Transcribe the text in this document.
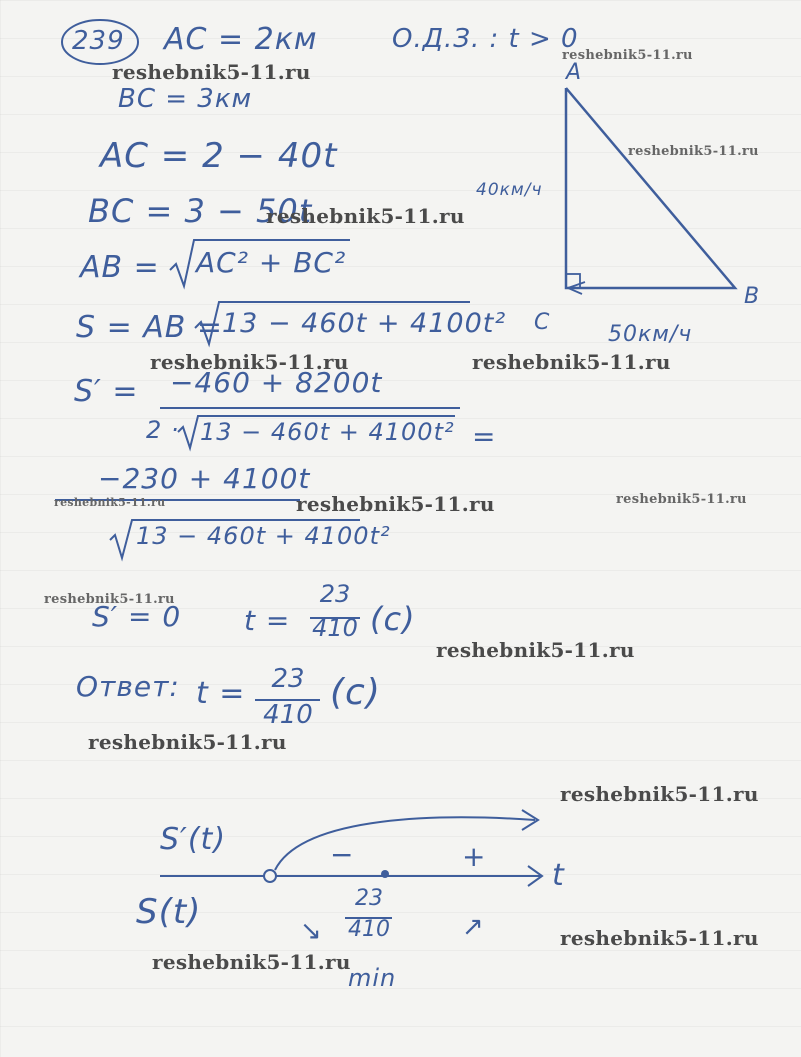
239 AC = 2км	О.Д.З. : t > 0
BC = 3км
AC = 2 − 40t
BC = 3 − 50t
AB = AC² + BC²
S = AB =
13 − 460t + 4100t²
S′ = −460 + 8200t
2 · 13 − 460t + 4100t² =
−230 + 4100t
13 − 460t + 4100t²
S′ = 0 t =
23
410 (с)
Ответ: t =	23
410
(с)
A
B
C
40км/ч
50км/ч
S′(t)
S(t)
t
−	+
23
410
min
↘	↗
reshebnik5-11.ru
reshebnik5-11.ru
reshebnik5-11.ru
reshebnik5-11.ru
reshebnik5-11.ru	reshebnik5-11.ru
reshebnik5-11.ru	reshebnik5-11.ru	reshebnik5-11.ru
reshebnik5-11.ru
reshebnik5-11.ru
reshebnik5-11.ru
reshebnik5-11.ru
reshebnik5-11.ru
reshebnik5-11.ru
